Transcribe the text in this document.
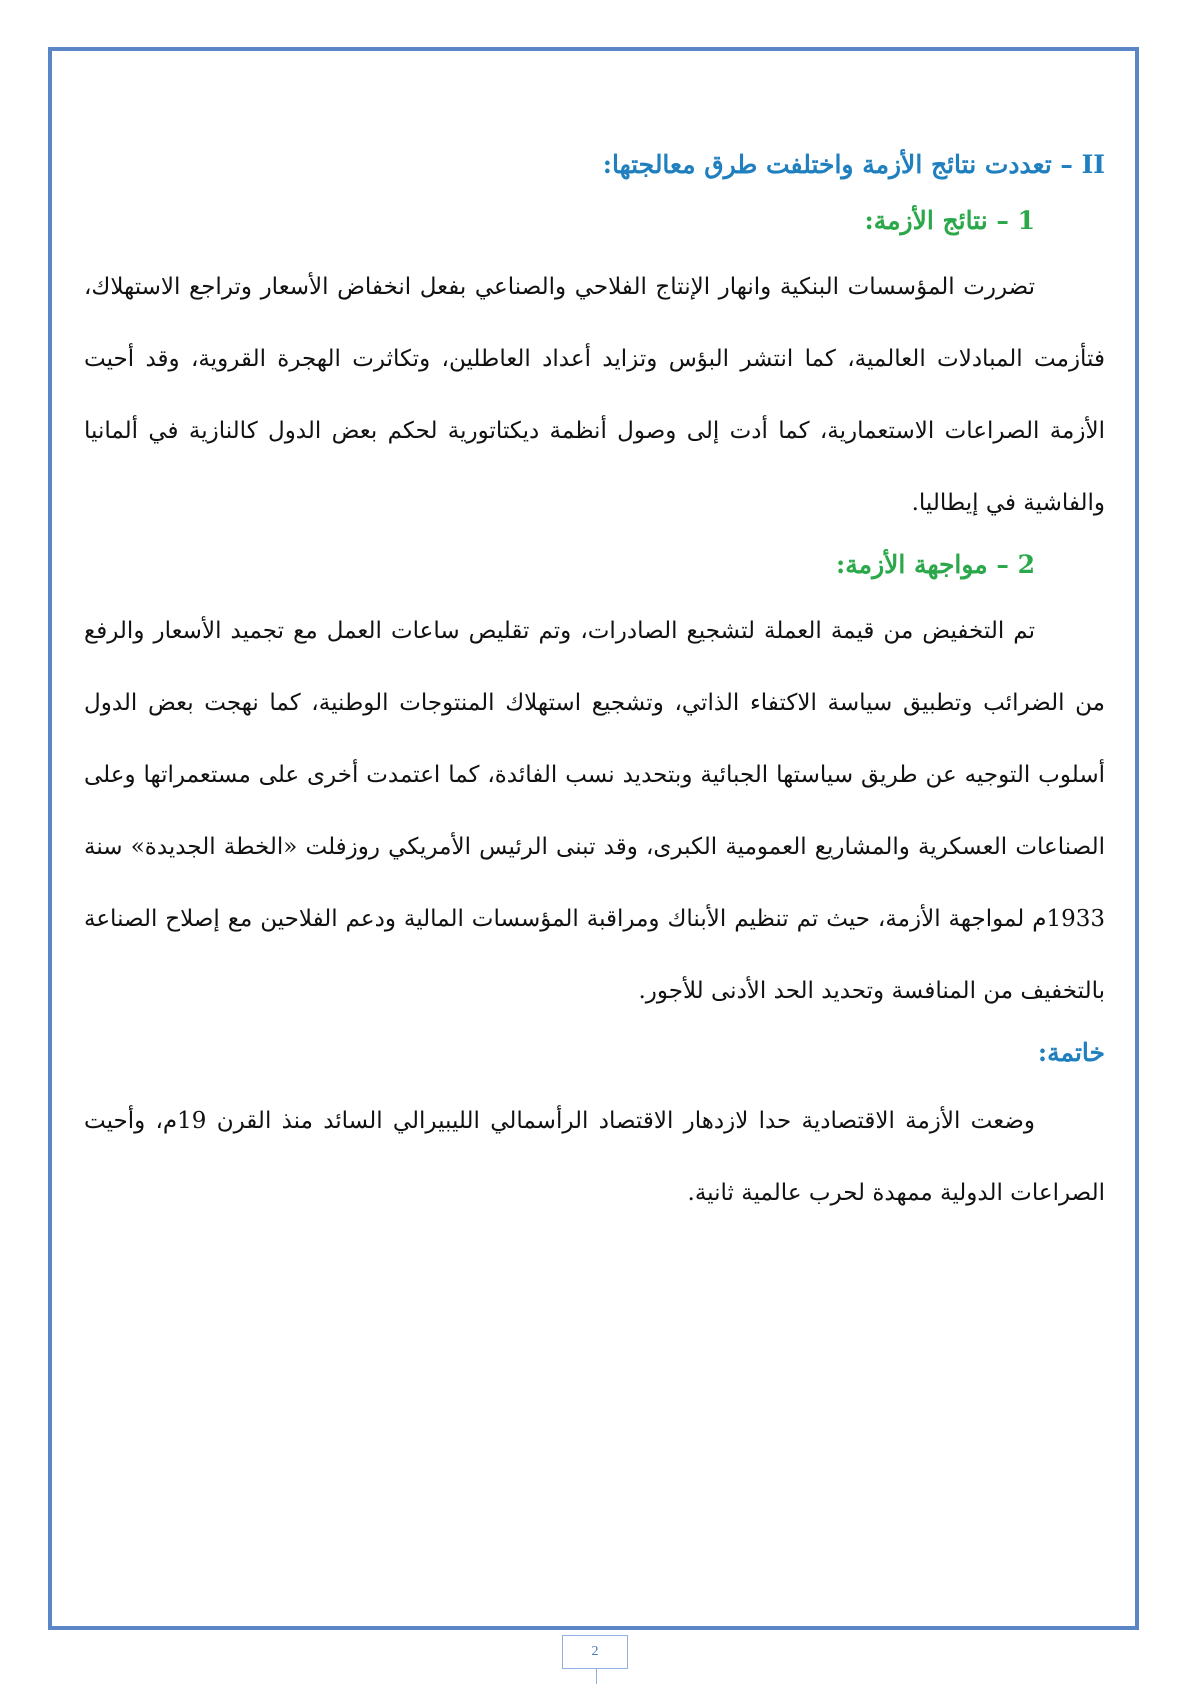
II – تعددت نتائج الأزمة واختلفت طرق معالجتها:
1 – نتائج الأزمة:

تضررت المؤسسات البنكية وانهار الإنتاج الفلاحي والصناعي بفعل انخفاض الأسعار وتراجع الاستهلاك، فتأزمت المبادلات العالمية، كما انتشر البؤس وتزايد أعداد العاطلين، وتكاثرت الهجرة القروية، وقد أحيت الأزمة الصراعات الاستعمارية، كما أدت إلى وصول أنظمة ديكتاتورية لحكم بعض الدول كالنازية في ألمانيا والفاشية في إيطاليا.

2 – مواجهة الأزمة:

تم التخفيض من قيمة العملة لتشجيع الصادرات، وتم تقليص ساعات العمل مع تجميد الأسعار والرفع من الضرائب وتطبيق سياسة الاكتفاء الذاتي، وتشجيع استهلاك المنتوجات الوطنية، كما نهجت بعض الدول أسلوب التوجيه عن طريق سياستها الجبائية وبتحديد نسب الفائدة، كما اعتمدت أخرى على مستعمراتها وعلى الصناعات العسكرية والمشاريع العمومية الكبرى، وقد تبنى الرئيس الأمريكي روزفلت «الخطة الجديدة» سنة 1933م لمواجهة الأزمة، حيث تم تنظيم الأبناك ومراقبة المؤسسات المالية ودعم الفلاحين مع إصلاح الصناعة بالتخفيف من المنافسة وتحديد الحد الأدنى للأجور.

خاتمة:

وضعت الأزمة الاقتصادية حدا لازدهار الاقتصاد الرأسمالي الليبيرالي السائد منذ القرن 19م، وأحيت الصراعات الدولية ممهدة لحرب عالمية ثانية.

2
